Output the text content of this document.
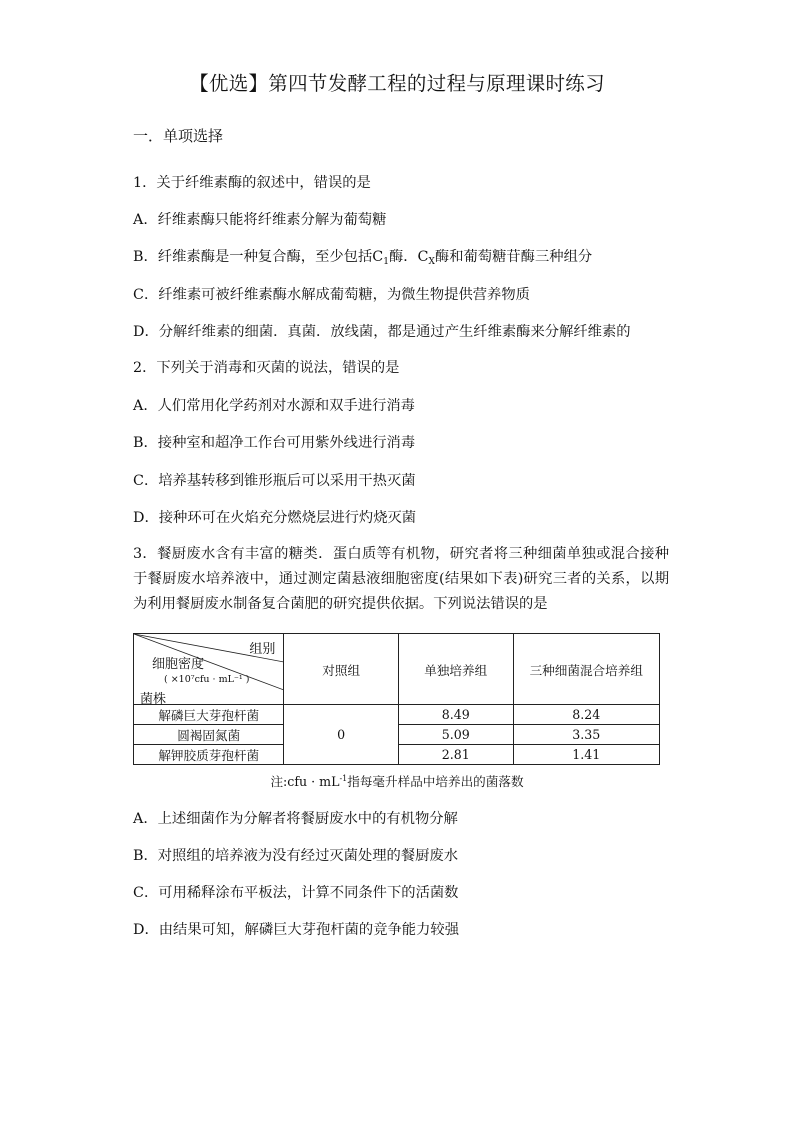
【优选】第四节发酵工程的过程与原理课时练习
一．单项选择
1．关于纤维素酶的叙述中，错误的是
A．纤维素酶只能将纤维素分解为葡萄糖
B．纤维素酶是一种复合酶，至少包括$C_1$酶．$C_X$酶和葡萄糖苷酶三种组分
C．纤维素可被纤维素酶水解成葡萄糖，为微生物提供营养物质
D．分解纤维素的细菌．真菌．放线菌，都是通过产生纤维素酶来分解纤维素的
2．下列关于消毒和灭菌的说法，错误的是
A．人们常用化学药剂对水源和双手进行消毒
B．接种室和超净工作台可用紫外线进行消毒
C．培养基转移到锥形瓶后可以采用干热灭菌
D．接种环可在火焰充分燃烧层进行灼烧灭菌
3．餐厨废水含有丰富的糖类．蛋白质等有机物，研究者将三种细菌单独或混合接种于餐厨废水培养液中，通过测定菌悬液细胞密度(结果如下表)研究三者的关系，以期为利用餐厨废水制备复合菌肥的研究提供依据。下列说法错误的是
组别
细胞密度
( ×10⁷cfu · mL⁻¹ )
菌株	对照组	单独培养组	三种细菌混合培养组
解磷巨大芽孢杆菌	0	8.49	8.24
圆褐固氮菌		5.09	3.35
解钾胶质芽孢杆菌		2.81	1.41
注:cfu · $mL^{-1}$指每毫升样品中培养出的菌落数
A．上述细菌作为分解者将餐厨废水中的有机物分解
B．对照组的培养液为没有经过灭菌处理的餐厨废水
C．可用稀释涂布平板法，计算不同条件下的活菌数
D．由结果可知，解磷巨大芽孢杆菌的竞争能力较强
